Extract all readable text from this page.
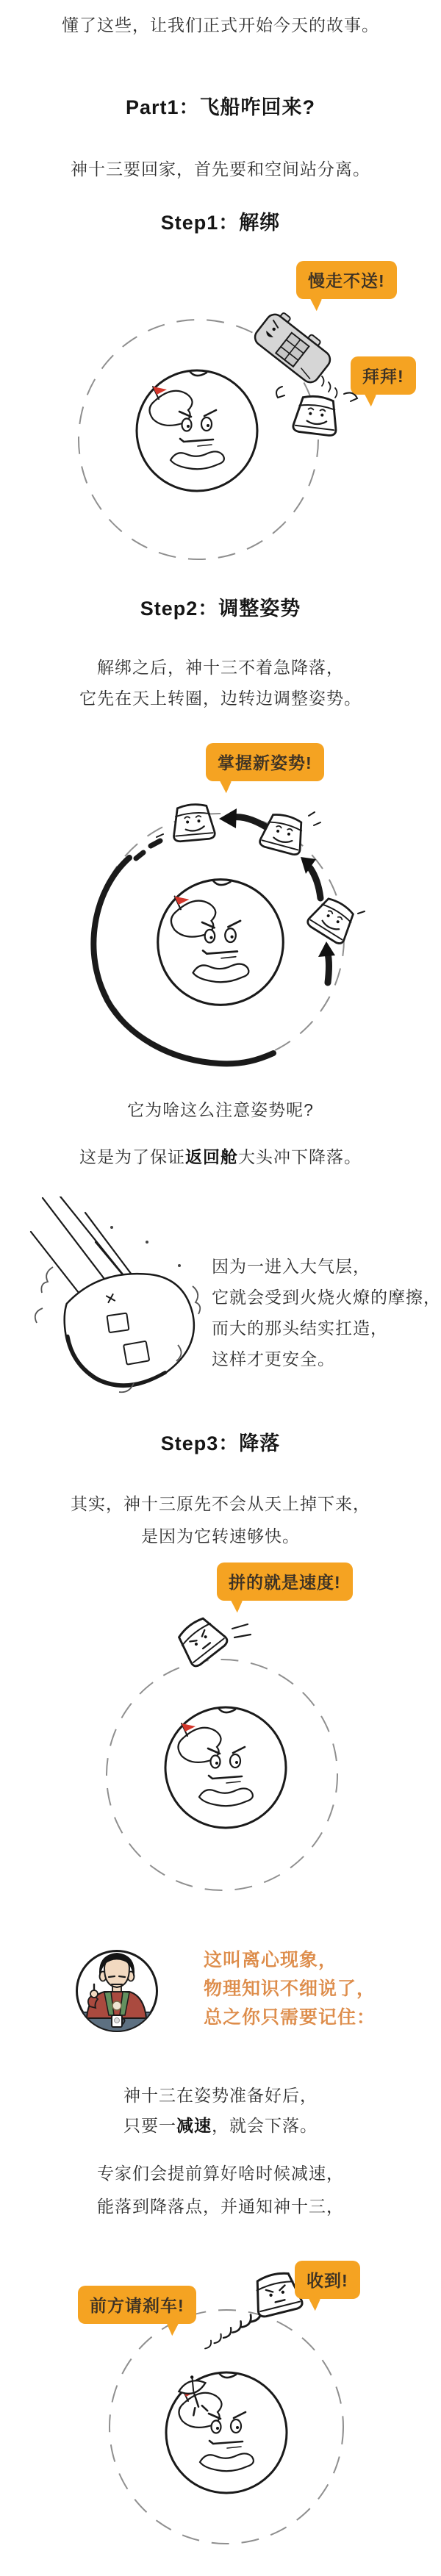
懂了这些，让我们正式开始今天的故事。
Part1：飞船咋回来?
神十三要回家，首先要和空间站分离。
Step1：解绑
慢走不送!
拜拜!
Step2：调整姿势
解绑之后，神十三不着急降落，
它先在天上转圈，边转边调整姿势。
掌握新姿势!
它为啥这么注意姿势呢?
这是为了保证返回舱大头冲下降落。
因为一进入大气层，
它就会受到火烧火燎的摩擦，
而大的那头结实扛造，
这样才更安全。
Step3：降落
其实，神十三原先不会从天上掉下来，
是因为它转速够快。
拼的就是速度!
这叫离心现象，
物理知识不细说了，
总之你只需要记住：
神十三在姿势准备好后，
只要一减速，就会下落。
专家们会提前算好啥时候减速，
能落到降落点，并通知神十三，
收到!
前方请刹车!
